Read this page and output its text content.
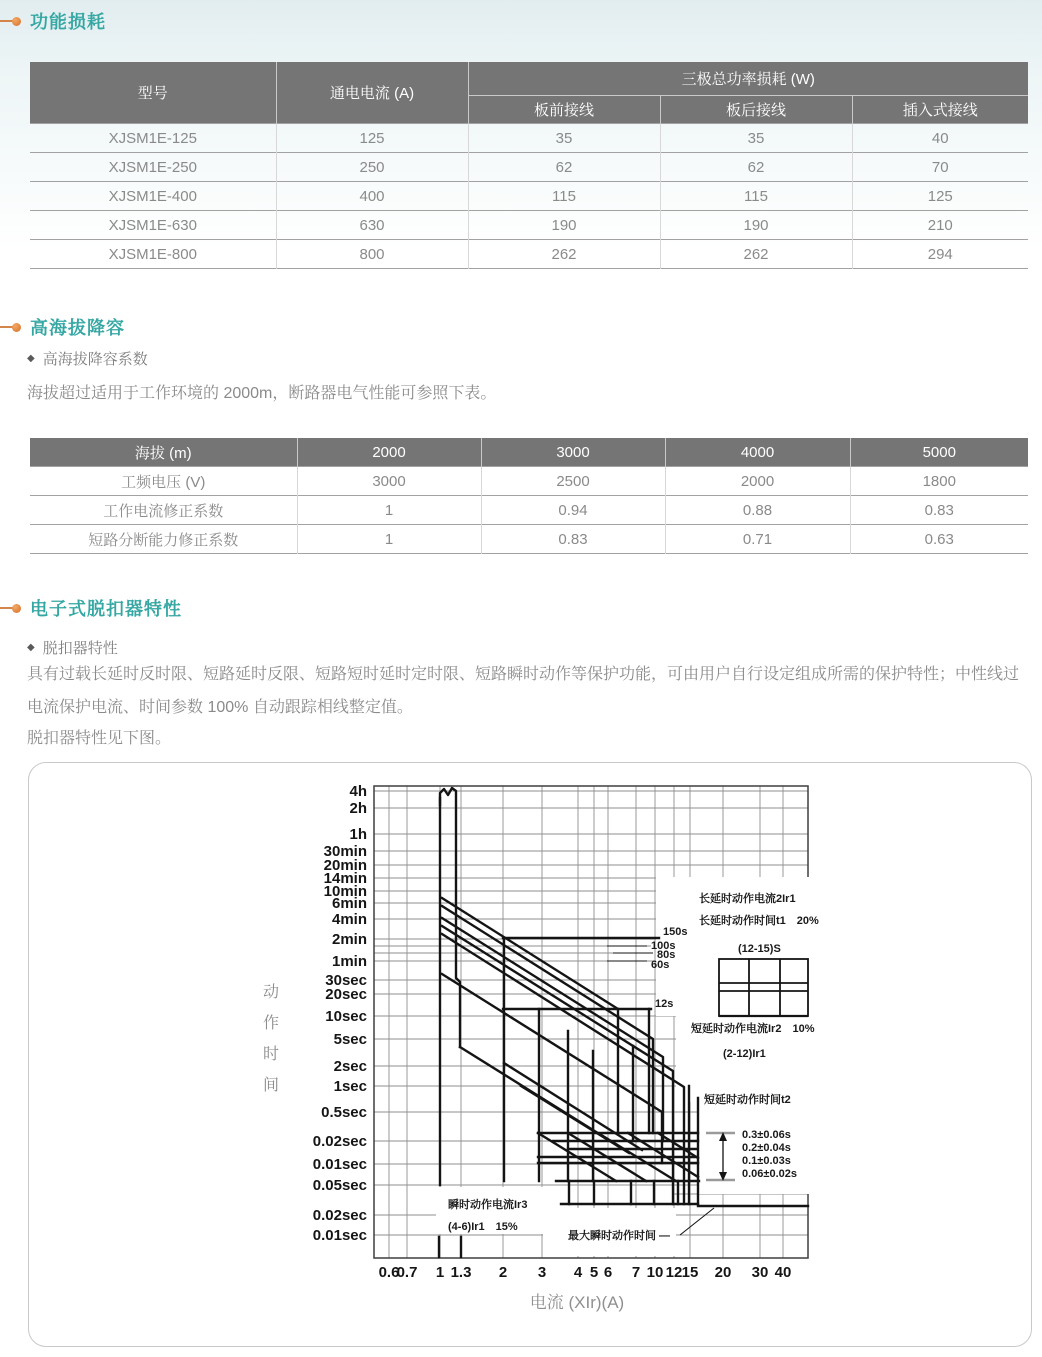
功能损耗
型号	通电电流 (A)	三极总功率损耗 (W)		
		板前接线	板后接线	插入式接线
XJSM1E-125	125	35	35	40
XJSM1E-250	250	62	62	70
XJSM1E-400	400	115	115	125
XJSM1E-630	630	190	190	210
XJSM1E-800	800	262	262	294
高海拔降容
◆ 高海拔降容系数
海拔超过适用于工作环境的 2000m，断路器电气性能可参照下表。
海拔 (m)	2000	3000	4000	5000
工频电压 (V)	3000	2500	2000	1800
工作电流修正系数	1	0.94	0.88	0.83
短路分断能力修正系数	1	0.83	0.71	0.63
电子式脱扣器特性
◆ 脱扣器特性
具有过载长延时反时限、短路延时反限、短路短时延时定时限、短路瞬时动作等保护功能，可由用户自行设定组成所需的保护特性；中性线过电流保护电流、时间参数 100% 自动跟踪相线整定值。
脱扣器特性见下图。
长延时动作电流2Ir1
长延时动作时间t1　20%
150s
100s
80s
60s
12s
(12-15)S
短延时动作电流Ir2　10%
(2-12)Ir1
短延时动作时间t2
0.3±0.06s
0.2±0.04s
0.1±0.03s
0.06±0.02s
瞬时动作电流Ir3
(4-6)Ir1　15%
最大瞬时动作时间 —
4h
2h
1h
30min
20min
14min
10min
6min
4min
2min
1min
30sec
20sec
10sec
5sec
2sec
1sec
0.5sec
0.02sec
0.01sec
0.05sec
0.02sec
0.01sec
0.6
0.7 1 1.3 2 3 4 5 6 7 10 12 15 20 30 40
动
作
时
间
电流 (XIr)(A)
